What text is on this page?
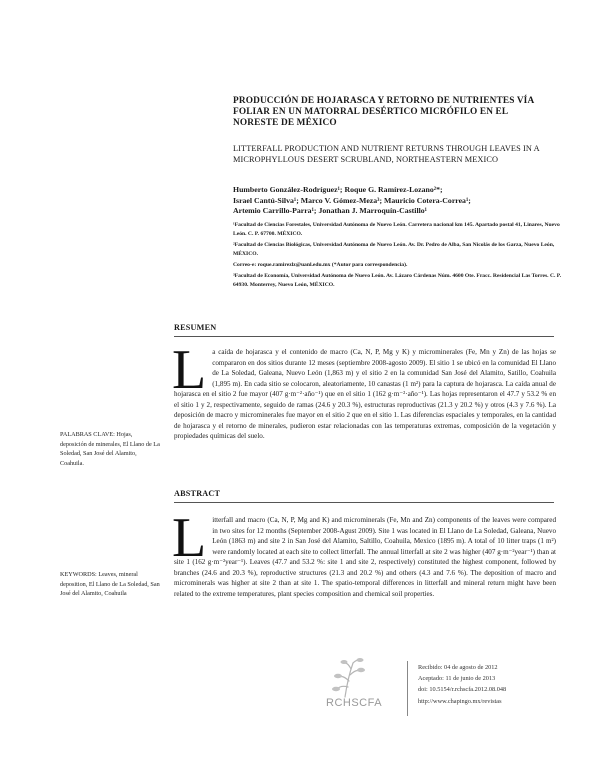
PRODUCCIÓN DE HOJARASCA Y RETORNO DE NUTRIENTES VÍA FOLIAR EN UN MATORRAL DESÉRTICO MICRÓFILO EN EL NORESTE DE MÉXICO
LITTERFALL PRODUCTION AND NUTRIENT RETURNS THROUGH LEAVES IN A MICROPHYLLOUS DESERT SCRUBLAND, NORTHEASTERN MEXICO
Humberto González-Rodríguez¹; Roque G. Ramírez-Lozano²*;
Israel Cantú-Silva¹; Marco V. Gómez-Meza³; Mauricio Cotera-Correa¹;
Artemio Carrillo-Parra¹; Jonathan J. Marroquín-Castillo¹

¹Facultad de Ciencias Forestales, Universidad Autónoma de Nuevo León. Carretera nacional km 145. Apartado postal 41, Linares, Nuevo León. C. P. 67700. MÉXICO.

²Facultad de Ciencias Biológicas, Universidad Autónoma de Nuevo León. Av. Dr. Pedro de Alba, San Nicolás de los Garza, Nuevo León, MÉXICO.

Correo-e: roque.ramirezlz@uanl.edu.mx (*Autor para correspondencia).

³Facultad de Economía, Universidad Autónoma de Nuevo León. Av. Lázaro Cárdenas Núm. 4600 Ote. Fracc. Residencial Las Torres. C. P. 64930. Monterrey, Nuevo León, MÉXICO.

RESUMEN
La caída de hojarasca y el contenido de macro (Ca, N, P, Mg y K) y microminerales (Fe, Mn y Zn) de las hojas se compararon en dos sitios durante 12 meses (septiembre 2008-agosto 2009). El sitio 1 se ubicó en la comunidad El Llano de La Soledad, Galeana, Nuevo León (1,863 m) y el sitio 2 en la comunidad San José del Alamito, Satillo, Coahuila (1,895 m). En cada sitio se colocaron, aleatoriamente, 10 canastas (1 m²) para la captura de hojarasca. La caída anual de hojarasca en el sitio 2 fue mayor (407 g·m⁻²·año⁻¹) que en el sitio 1 (162 g·m⁻²·año⁻¹). Las hojas representaron el 47.7 y 53.2 % en el sitio 1 y 2, respectivamente, seguido de ramas (24.6 y 20.3 %), estructuras reproductivas (21.3 y 20.2 %) y otros (4.3 y 7.6 %). La deposición de macro y microminerales fue mayor en el sitio 2 que en el sitio 1. Las diferencias espaciales y temporales, en la cantidad de hojarasca y el retorno de minerales, pudieron estar relacionadas con las temperaturas extremas, composición de la vegetación y propiedades químicas del suelo.
PALABRAS CLAVE: Hojas, deposición de minerales, El Llano de La Soledad, San José del Alamito, Coahuila.
ABSTRACT
Litterfall and macro (Ca, N, P, Mg and K) and microminerals (Fe, Mn and Zn) components of the leaves were compared in two sites for 12 months (September 2008-Agust 2009). Site 1 was located in El Llano de La Soledad, Galeana, Nuevo León (1863 m) and site 2 in San José del Alamito, Saltillo, Coahuila, Mexico (1895 m). A total of 10 litter traps (1 m²) were randomly located at each site to collect litterfall. The annual litterfall at site 2 was higher (407 g·m⁻²year⁻¹) than at site 1 (162 g·m⁻²year⁻¹). Leaves (47.7 and 53.2 %: site 1 and site 2, respectively) constituted the highest component, followed by branches (24.6 and 20.3 %), reproductive structures (21.3 and 20.2 %) and others (4.3 and 7.6 %). The deposition of macro and microminerals was higher at site 2 than at site 1. The spatio-temporal differences in litterfall and mineral return might have been related to the extreme temperatures, plant species composition and chemical soil properties.
KEYWORDS: Leaves, mineral deposition, El Llano de La Soledad, San José del Alamito, Coahuila
RCHSCFA
Recibido: 04 de agosto de 2012
Aceptado: 11 de junio de 2013
doi: 10.5154/r.rchscfa.2012.08.048
http://www.chapingo.mx/revistas
